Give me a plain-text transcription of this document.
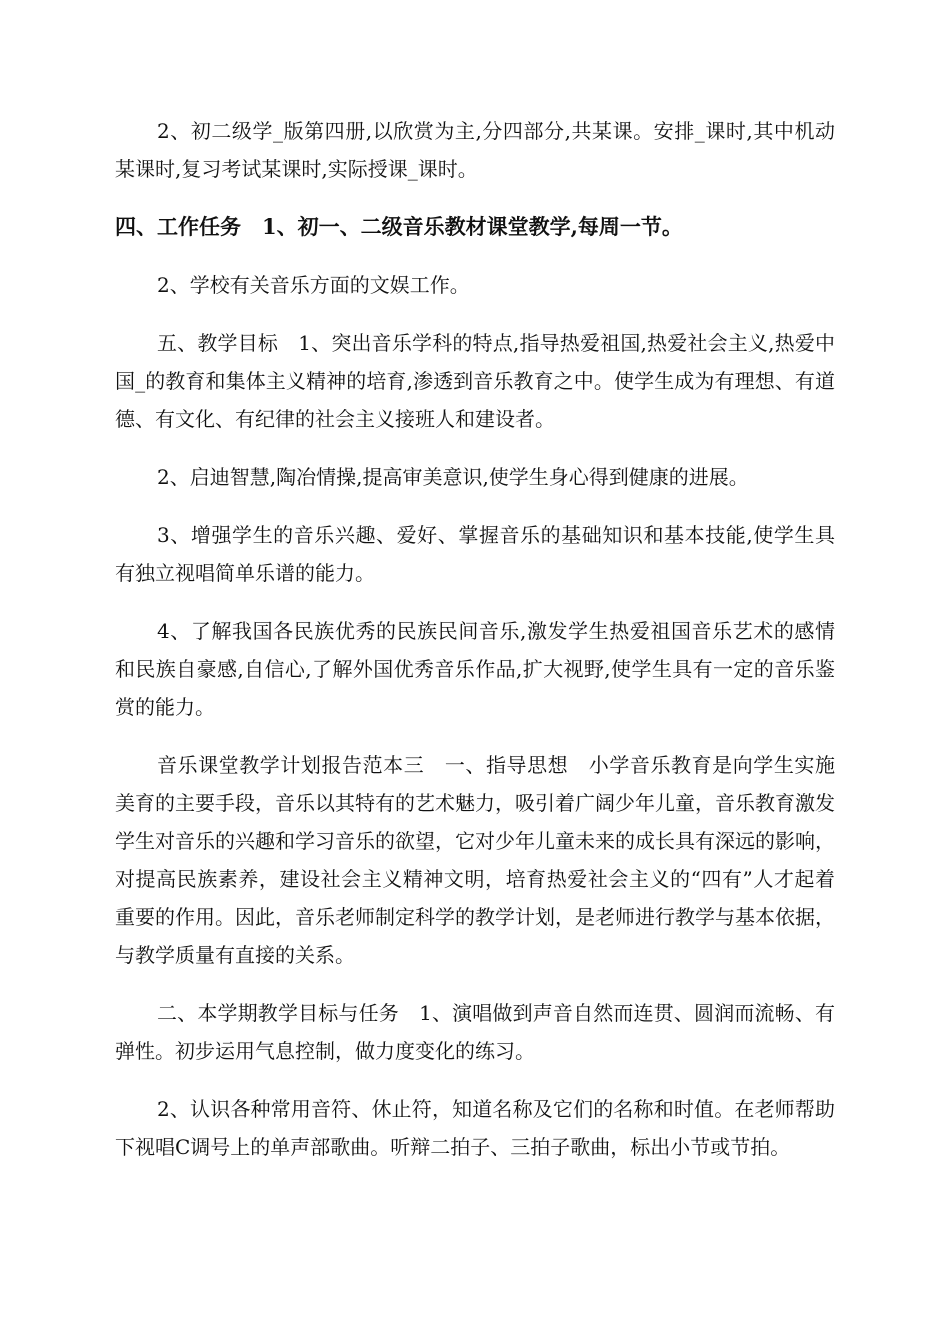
2、初二级学_版第四册,以欣赏为主,分四部分,共某课。安排_课时,其中机动某课时,复习考试某课时,实际授课_课时。

四、工作任务　1、初一、二级音乐教材课堂教学,每周一节。

2、学校有关音乐方面的文娱工作。

五、教学目标　1、突出音乐学科的特点,指导热爱祖国,热爱社会主义,热爱中国_的教育和集体主义精神的培育,渗透到音乐教育之中。使学生成为有理想、有道德、有文化、有纪律的社会主义接班人和建设者。

2、启迪智慧,陶冶情操,提高审美意识,使学生身心得到健康的进展。

3、增强学生的音乐兴趣、爱好、掌握音乐的基础知识和基本技能,使学生具有独立视唱简单乐谱的能力。

4、了解我国各民族优秀的民族民间音乐,激发学生热爱祖国音乐艺术的感情和民族自豪感,自信心,了解外国优秀音乐作品,扩大视野,使学生具有一定的音乐鉴赏的能力。

音乐课堂教学计划报告范本三　一、指导思想　小学音乐教育是向学生实施美育的主要手段，音乐以其特有的艺术魅力，吸引着广阔少年儿童，音乐教育激发学生对音乐的兴趣和学习音乐的欲望，它对少年儿童未来的成长具有深远的影响，对提高民族素养，建设社会主义精神文明，培育热爱社会主义的“四有”人才起着重要的作用。因此，音乐老师制定科学的教学计划，是老师进行教学与基本依据，与教学质量有直接的关系。

二、本学期教学目标与任务　1、演唱做到声音自然而连贯、圆润而流畅、有弹性。初步运用气息控制，做力度变化的练习。

2、认识各种常用音符、休止符，知道名称及它们的名称和时值。在老师帮助下视唱C调号上的单声部歌曲。听辩二拍子、三拍子歌曲，标出小节或节拍。
